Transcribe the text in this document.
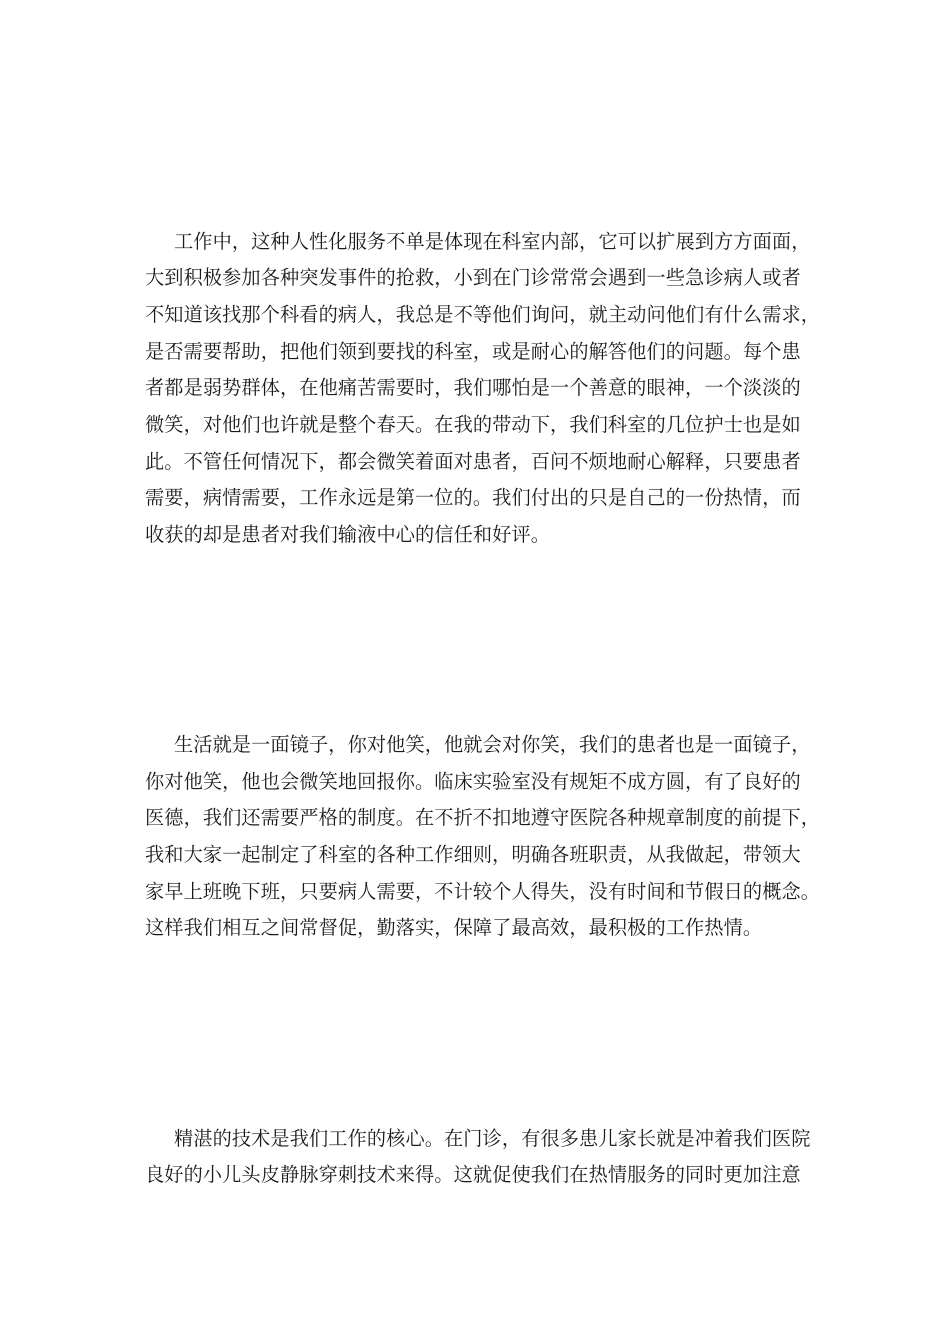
工作中，这种人性化服务不单是体现在科室内部，它可以扩展到方方面面，
大到积极参加各种突发事件的抢救，小到在门诊常常会遇到一些急诊病人或者
不知道该找那个科看的病人，我总是不等他们询问，就主动问他们有什么需求，
是否需要帮助，把他们领到要找的科室，或是耐心的解答他们的问题。每个患
者都是弱势群体，在他痛苦需要时，我们哪怕是一个善意的眼神，一个淡淡的
微笑，对他们也许就是整个春天。在我的带动下，我们科室的几位护士也是如
此。不管任何情况下，都会微笑着面对患者，百问不烦地耐心解释，只要患者
需要，病情需要，工作永远是第一位的。我们付出的只是自己的一份热情，而
收获的却是患者对我们输液中心的信任和好评。
生活就是一面镜子，你对他笑，他就会对你笑，我们的患者也是一面镜子，
你对他笑，他也会微笑地回报你。临床实验室没有规矩不成方圆，有了良好的
医德，我们还需要严格的制度。在不折不扣地遵守医院各种规章制度的前提下，
我和大家一起制定了科室的各种工作细则，明确各班职责，从我做起，带领大
家早上班晚下班，只要病人需要，不计较个人得失，没有时间和节假日的概念。
这样我们相互之间常督促，勤落实，保障了最高效，最积极的工作热情。
精湛的技术是我们工作的核心。在门诊，有很多患儿家长就是冲着我们医院
良好的小儿头皮静脉穿刺技术来得。这就促使我们在热情服务的同时更加注意
